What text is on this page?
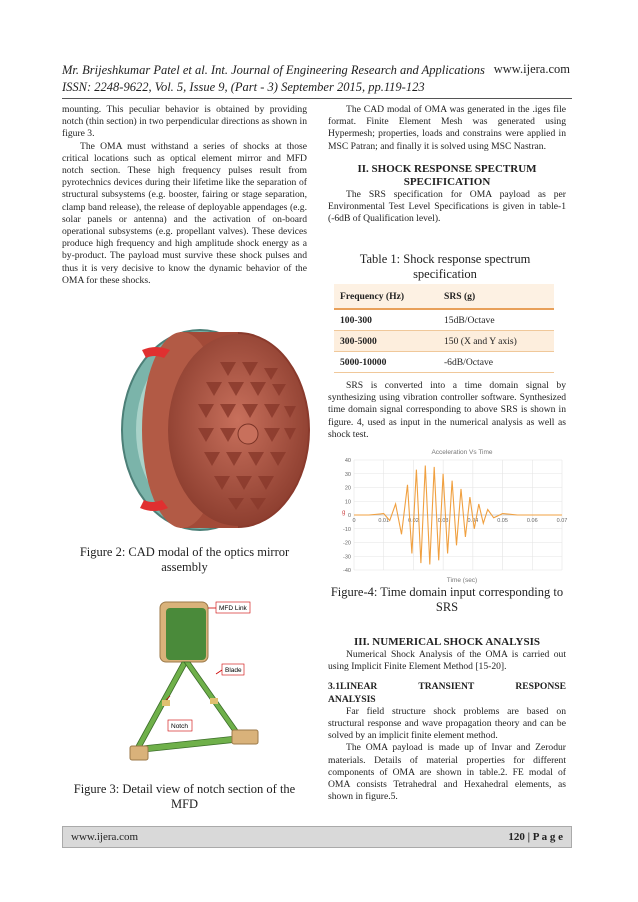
Mr. Brijeshkumar Patel et al. Int. Journal of Engineering Research and Applications
ISSN: 2248-9622, Vol. 5, Issue 9, (Part - 3) September 2015, pp.119-123
www.ijera.com

mounting. This peculiar behavior is obtained by providing notch (thin section) in two perpendicular directions as shown in figure 3.

The OMA must withstand a series of shocks at those critical locations such as optical element mirror and MFD notch section. These high frequency pulses result from pyrotechnics devices during their lifetime like the separation of structural subsystems (e.g. booster, fairing or stage separation, clamp band release), the release of deployable appendages (e.g. solar panels or antenna) and the activation of on-board operational subsystems (e.g. propellant valves). These devices produce high frequency and high amplitude shock energy as a by-product. The payload must survive these shock pulses and thus it is very decisive to know the dynamic behavior of the OMA for these shocks.

Figure 2: CAD modal of the optics mirror assembly
MFD Link
Blade
Notch
Figure 3: Detail view of notch section of the MFD

The CAD modal of OMA was generated in the .iges file format. Finite Element Mesh was generated using Hypermesh; properties, loads and constrains were applied in MSC Patran; and finally it is solved using MSC Nastran.

II. SHOCK RESPONSE SPECTRUM SPECIFICATION

The SRS specification for OMA payload as per Environmental Test Level Specifications is given in table-1 (-6dB of Qualification level).

Table 1: Shock response spectrum specification
Frequency (Hz)	SRS (g)
100-300	15dB/Octave
300-5000	150 (X and Y axis)
5000-10000	-6dB/Octave

SRS is converted into a time domain signal by synthesizing using vibration controller software. Synthesized time domain signal corresponding to above SRS is shown in figure. 4, used as input in the numerical analysis as well as shock test.

40
30
20
10
0
-10
-20
-30
-40
0	0.01	0.02	0.03	0.04	0.05	0.06	0.07
Acceleration Vs Time
g
Time (sec)
Figure-4: Time domain input corresponding to SRS

III. NUMERICAL SHOCK ANALYSIS

Numerical Shock Analysis of the OMA is carried out using Implicit Finite Element Method [15-20].

3.1LINEAR TRANSIENT RESPONSE

ANALYSIS

Far field structure shock problems are based on structural response and wave propagation theory and can be solved by an implicit finite element method.

The OMA payload is made up of Invar and Zerodur materials. Details of material properties for different components of OMA are shown in table.2. FE modal of OMA consists Tetrahedral and Hexahedral elements, as shown in figure.5.

www.ijera.com	120 | P a g e
